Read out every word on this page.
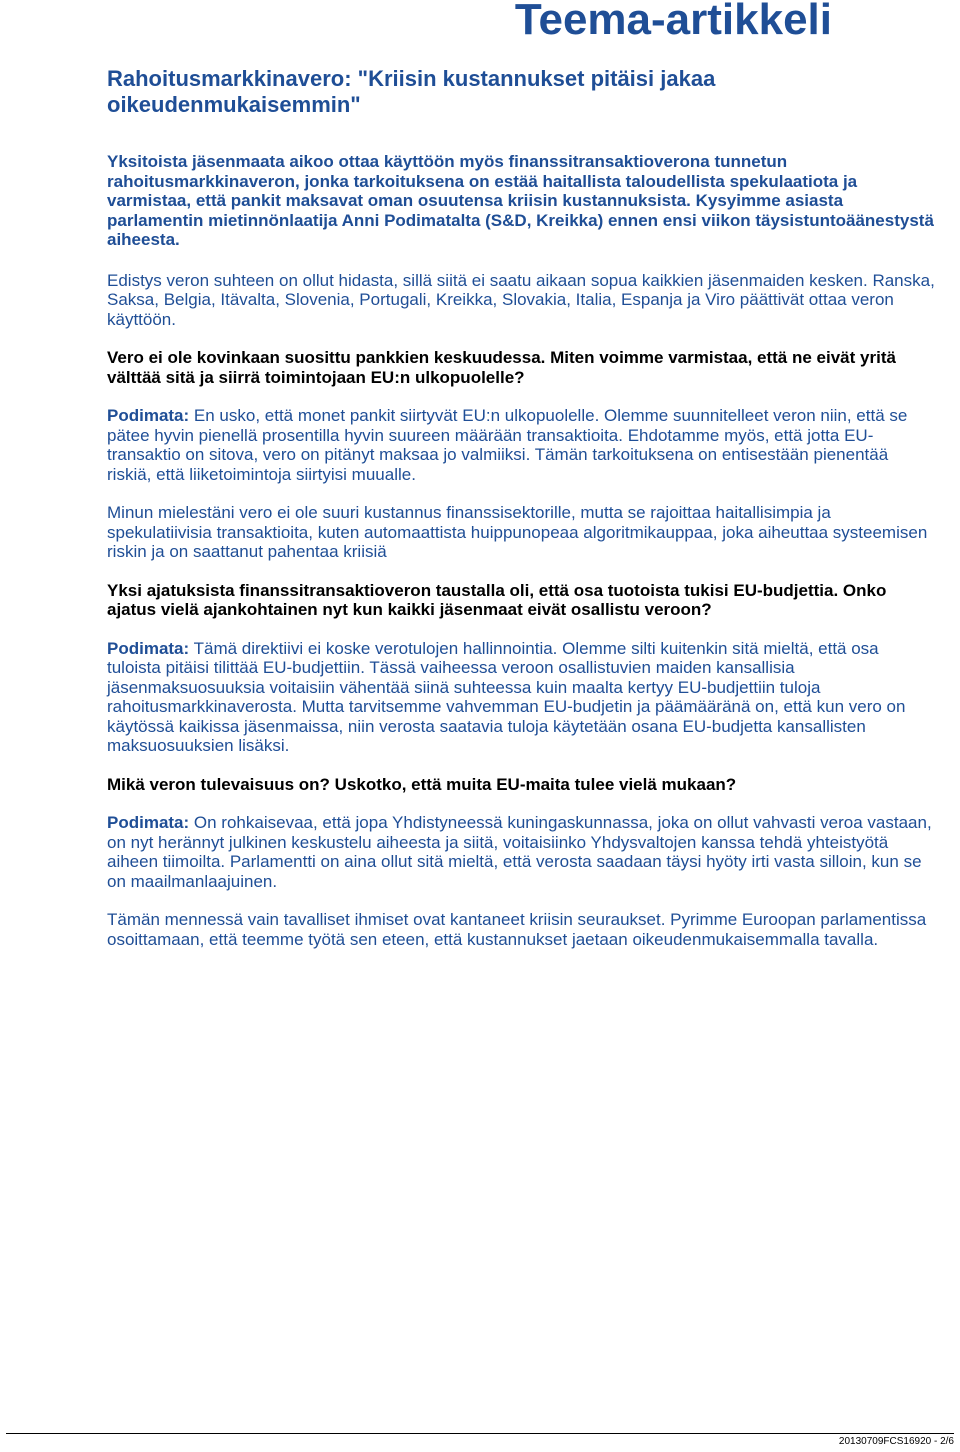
Teema-artikkeli
Rahoitusmarkkinavero: "Kriisin kustannukset pitäisi jakaa oikeudenmukaisemmin"

Yksitoista jäsenmaata aikoo ottaa käyttöön myös finanssitransaktioverona tunnetun rahoitusmarkkinaveron, jonka tarkoituksena on estää haitallista taloudellista spekulaatiota ja varmistaa, että pankit maksavat oman osuutensa kriisin kustannuksista. Kysyimme asiasta parlamentin mietinnönlaatija Anni Podimatalta (S&D, Kreikka) ennen ensi viikon täysistuntoäänestystä aiheesta.

Edistys veron suhteen on ollut hidasta, sillä siitä ei saatu aikaan sopua kaikkien jäsenmaiden kesken. Ranska, Saksa, Belgia, Itävalta, Slovenia, Portugali, Kreikka, Slovakia, Italia, Espanja ja Viro päättivät ottaa veron käyttöön.

Vero ei ole kovinkaan suosittu pankkien keskuudessa. Miten voimme varmistaa, että ne eivät yritä välttää sitä ja siirrä toimintojaan EU:n ulkopuolelle?

Podimata: En usko, että monet pankit siirtyvät EU:n ulkopuolelle. Olemme suunnitelleet veron niin, että se pätee hyvin pienellä prosentilla hyvin suureen määrään transaktioita. Ehdotamme myös, että jotta EU-transaktio on sitova, vero on pitänyt maksaa jo valmiiksi. Tämän tarkoituksena on entisestään pienentää riskiä, että liiketoimintoja siirtyisi muualle.

Minun mielestäni vero ei ole suuri kustannus finanssisektorille, mutta se rajoittaa haitallisimpia ja spekulatiivisia transaktioita, kuten automaattista huippunopeaa algoritmikauppaa, joka aiheuttaa systeemisen riskin ja on saattanut pahentaa kriisiä

Yksi ajatuksista finanssitransaktioveron taustalla oli, että osa tuotoista tukisi EU-budjettia. Onko ajatus vielä ajankohtainen nyt kun kaikki jäsenmaat eivät osallistu veroon?

Podimata: Tämä direktiivi ei koske verotulojen hallinnointia. Olemme silti kuitenkin sitä mieltä, että osa tuloista pitäisi tilittää EU-budjettiin. Tässä vaiheessa veroon osallistuvien maiden kansallisia jäsenmaksuosuuksia voitaisiin vähentää siinä suhteessa kuin maalta kertyy EU-budjettiin tuloja rahoitusmarkkinaverosta. Mutta tarvitsemme vahvemman EU-budjetin ja päämääränä on, että kun vero on käytössä kaikissa jäsenmaissa, niin verosta saatavia tuloja käytetään osana EU-budjetta kansallisten maksuosuuksien lisäksi.

Mikä veron tulevaisuus on? Uskotko, että muita EU-maita tulee vielä mukaan?

Podimata: On rohkaisevaa, että jopa Yhdistyneessä kuningaskunnassa, joka on ollut vahvasti veroa vastaan, on nyt herännyt julkinen keskustelu aiheesta ja siitä, voitaisiinko Yhdysvaltojen kanssa tehdä yhteistyötä aiheen tiimoilta. Parlamentti on aina ollut sitä mieltä, että verosta saadaan täysi hyöty irti vasta silloin, kun se on maailmanlaajuinen.

Tämän mennessä vain tavalliset ihmiset ovat kantaneet kriisin seuraukset. Pyrimme Euroopan parlamentissa osoittamaan, että teemme työtä sen eteen, että kustannukset jaetaan oikeudenmukaisemmalla tavalla.

20130709FCS16920 - 2/6
